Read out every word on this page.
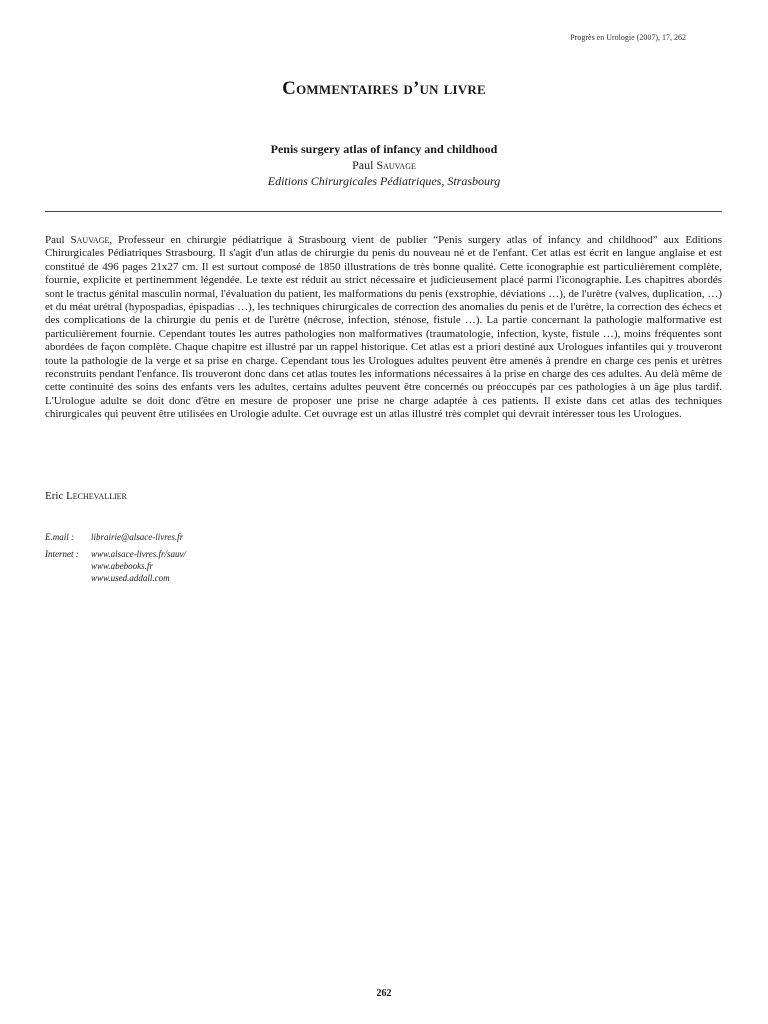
Progrès en Urologie (2007), 17, 262
Commentaires d’un livre
Penis surgery atlas of infancy and childhood
Paul Sauvage
Editions Chirurgicales Pédiatriques, Strasbourg

Paul Sauvage, Professeur en chirurgie pédiatrique à Strasbourg vient de publier “Penis surgery atlas of infancy and childhood” aux Editions Chirurgicales Pédiatriques Strasbourg. Il s'agit d'un atlas de chirurgie du penis du nouveau né et de l'enfant. Cet atlas est écrit en langue anglaise et est constitué de 496 pages 21x27 cm. Il est surtout composé de 1850 illustrations de très bonne qualité. Cette iconographie est particulièrement complète, fournie, explicite et pertinemment légendée. Le texte est réduit au strict nécessaire et judicieusement placé parmi l'iconographie. Les chapitres abordés sont le tractus génital masculin normal, l'évaluation du patient, les malformations du penis (exstrophie, déviations …), de l'urètre (valves, duplication, …) et du méat urétral (hypospadias, épispadias …), les techniques chirurgicales de correction des anomalies du penis et de l'urètre, la correction des échecs et des complications de la chirurgie du penis et de l'urètre (nécrose, infection, sténose, fistule …). La partie concernant la pathologie malformative est particulièrement fournie. Cependant toutes les autres pathologies non malformatives (traumatologie, infection, kyste, fistule …), moins fréquentes sont abordées de façon complète. Chaque chapitre est illustré par un rappel historique. Cet atlas est a priori destiné aux Urologues infantiles qui y trouveront toute la pathologie de la verge et sa prise en charge. Cependant tous les Urologues adultes peuvent être amenés à prendre en charge ces penis et urètres reconstruits pendant l'enfance. Ils trouveront donc dans cet atlas toutes les informations nécessaires à la prise en charge des ces adultes. Au delà même de cette continuité des soins des enfants vers les adultes, certains adultes peuvent être concernés ou préoccupés par ces pathologies à un âge plus tardif. L'Urologue adulte se doit donc d'être en mesure de proposer une prise ne charge adaptée à ces patients. Il existe dans cet atlas des techniques chirurgicales qui peuvent être utilisées en Urologie adulte. Cet ouvrage est un atlas illustré très complet qui devrait intéresser tous les Urologues.

Eric Lechevallier
E.mail :	librairie@alsace-livres.fr
Internet :	www.alsace-livres.fr/sauv/
www.abebooks.fr
www.used.addall.com
262
